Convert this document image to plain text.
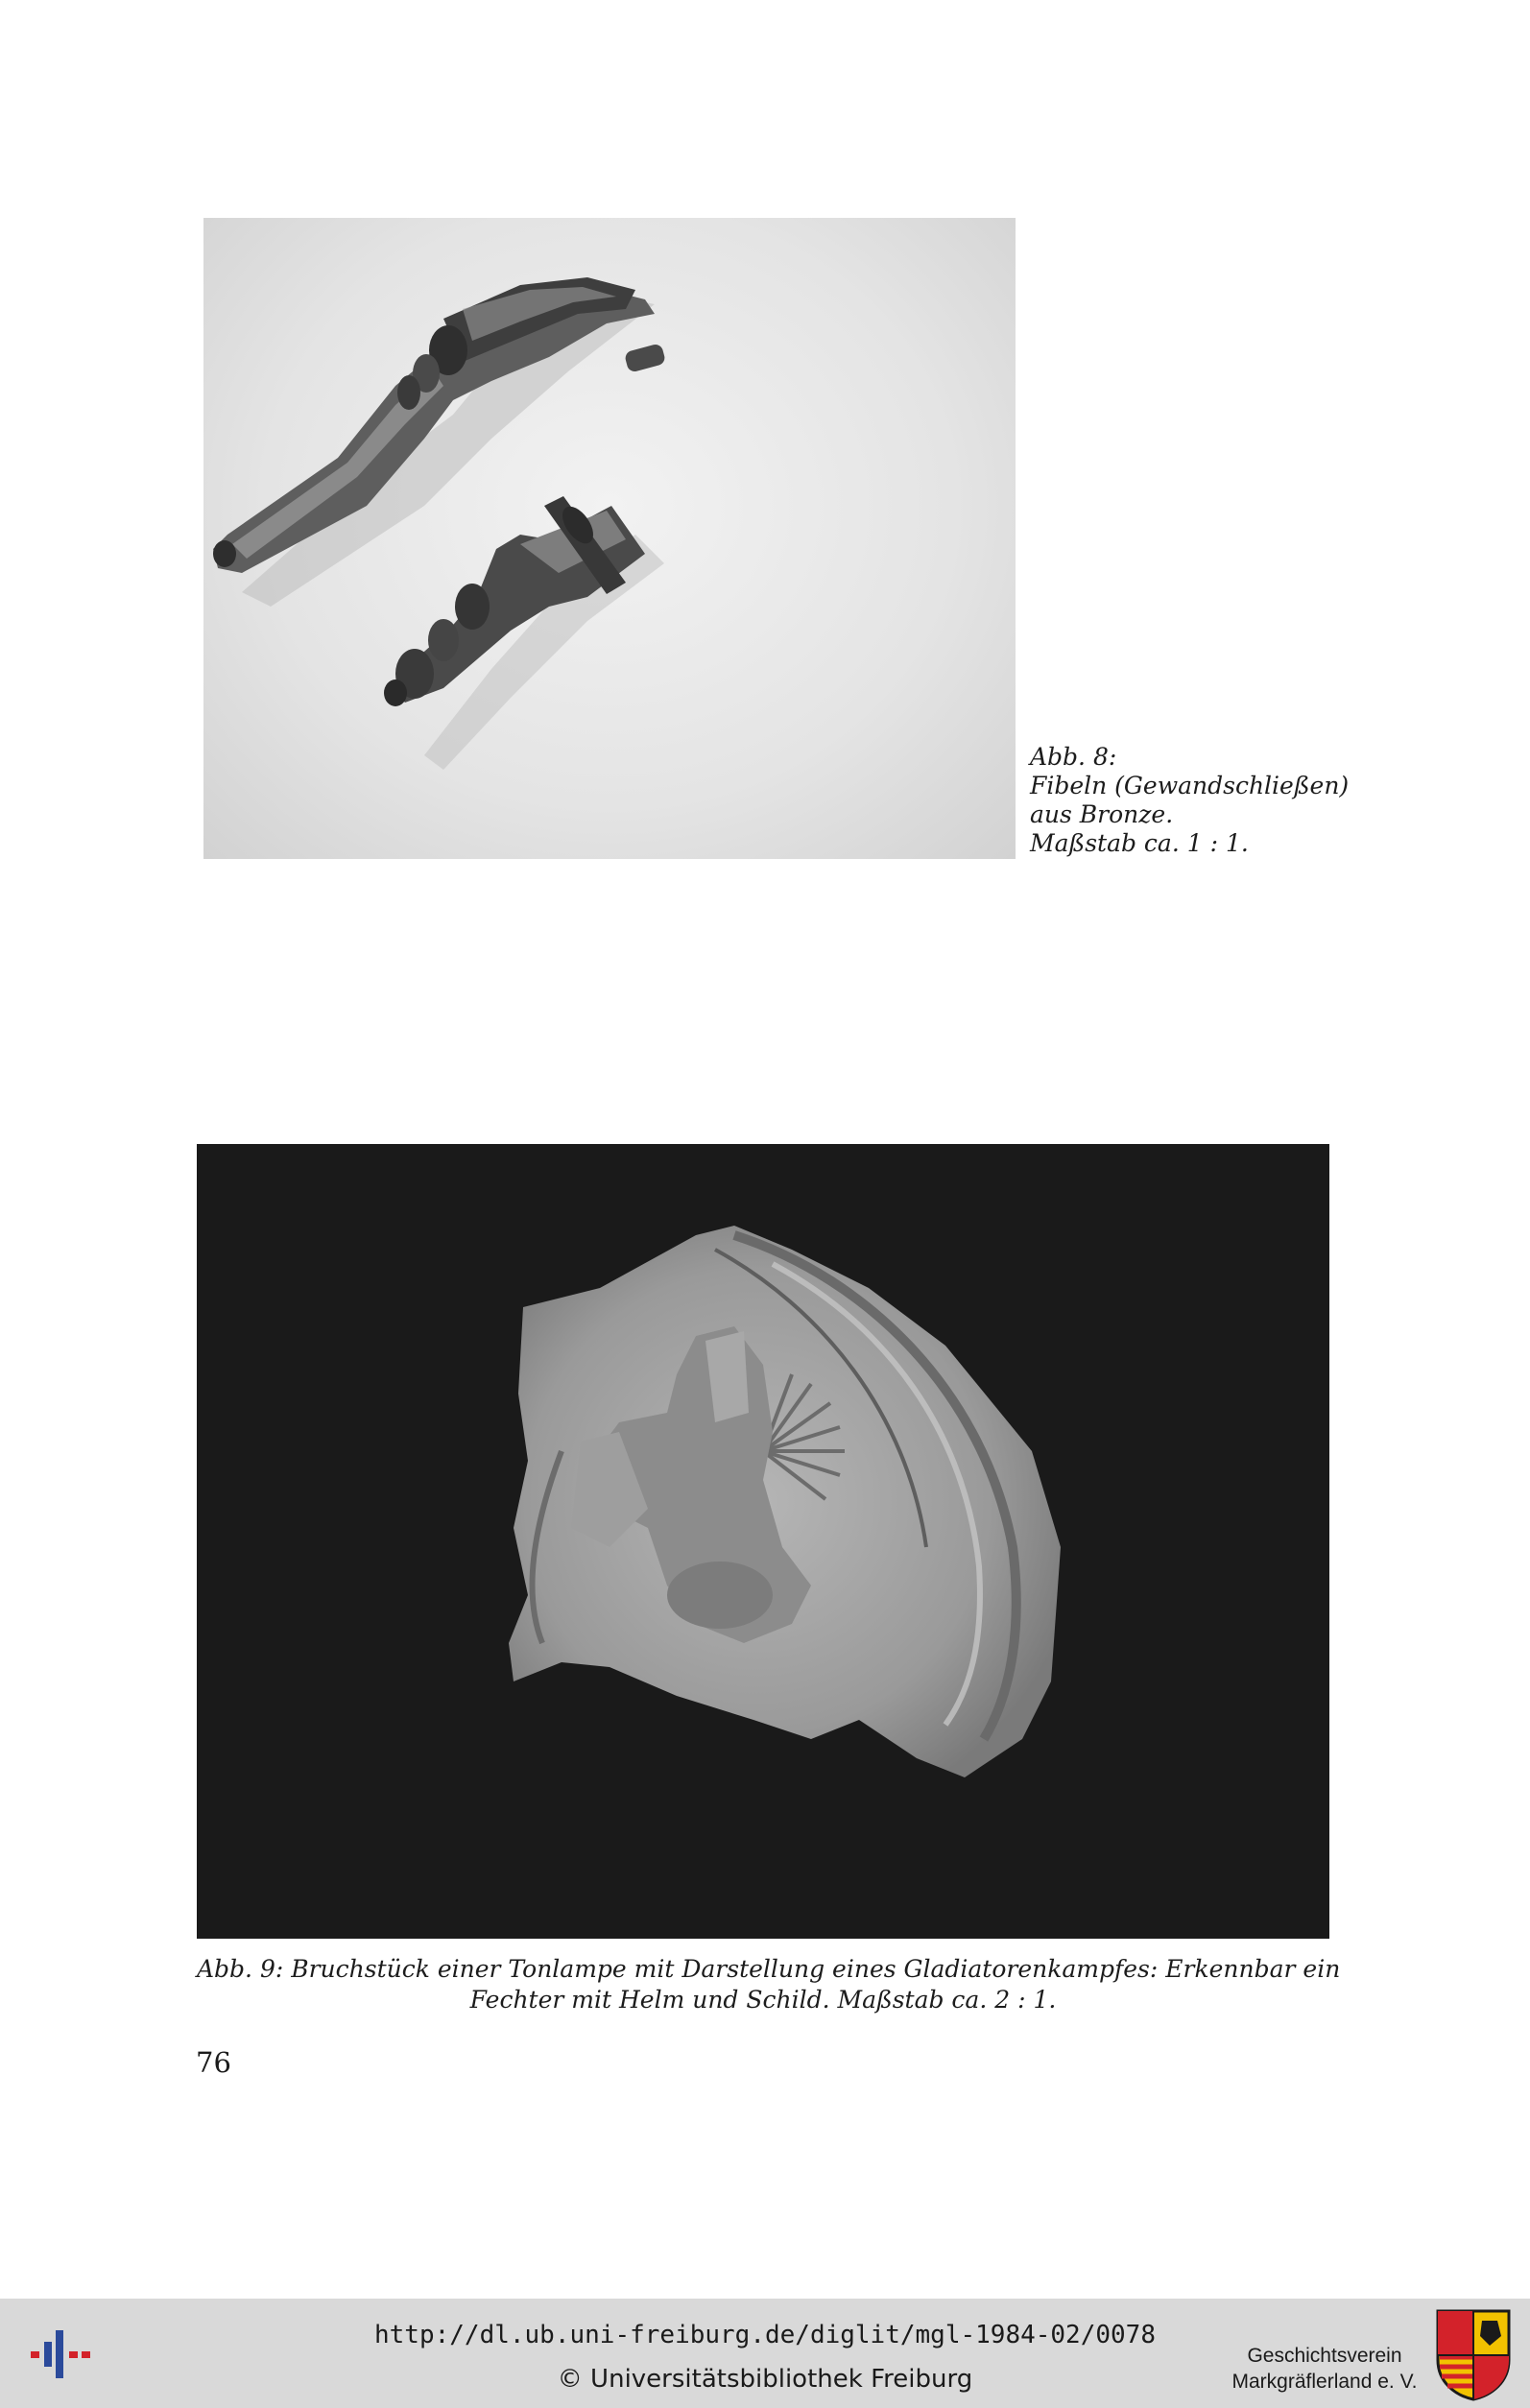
Abb. 8:
Fibeln (Gewandschließen)
aus Bronze.
Maßstab ca. 1 : 1.
Abb. 9: Bruchstück einer Tonlampe mit Darstellung eines Gladiatorenkampfes: Erkennbar ein
Fechter mit Helm und Schild. Maßstab ca. 2 : 1.
76
http://dl.ub.uni-freiburg.de/diglit/mgl-1984-02/0078
© Universitätsbibliothek Freiburg
Geschichtsverein
Markgräflerland e. V.
